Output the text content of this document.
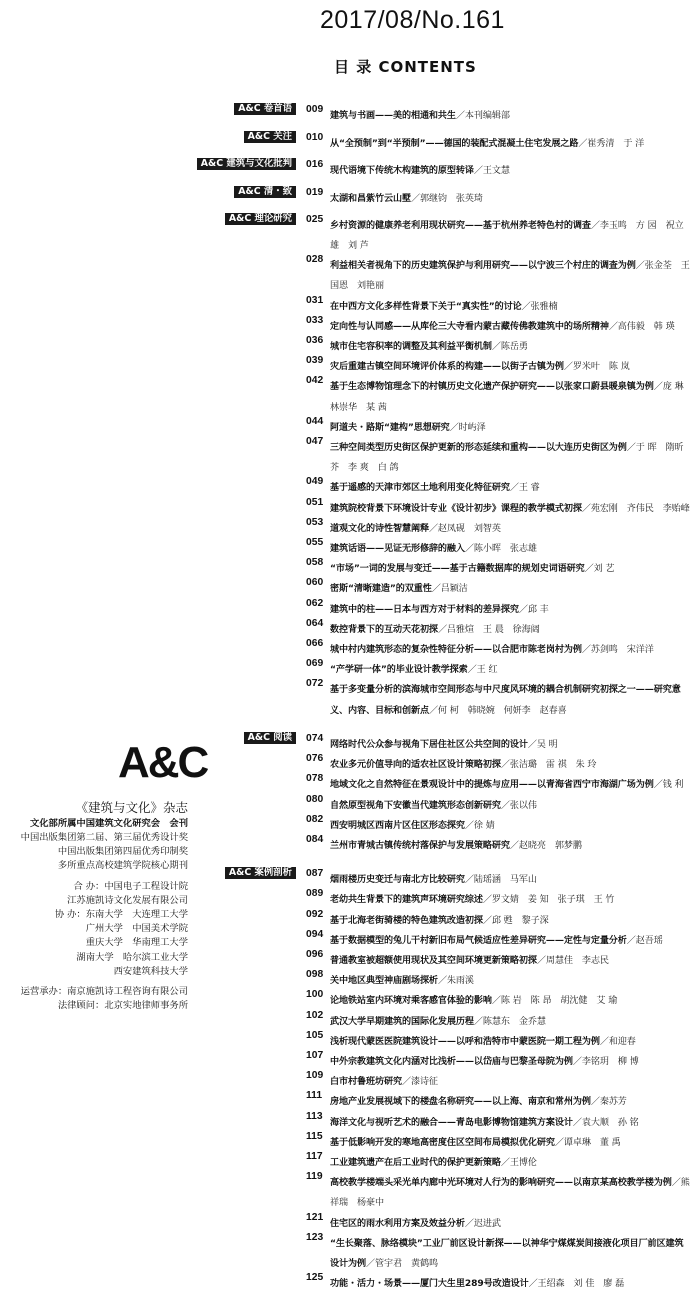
2017/08/No.161
目 录 CONTENTS
A&C 卷首语	009
建筑与书画——美的相通和共生／本刊编辑部
A&C 关注	010
从“全预制”到“半预制”——德国的装配式混凝土住宅发展之路／崔秀清　于 洋
A&C 建筑与文化批判	016
现代语境下传统木构建筑的原型转译／王文慧
A&C 清・致	019
太湖和昌紫竹云山墅／郭继钧　张英琦
A&C 理论研究	025
乡村资源的健康养老利用现状研究——基于杭州养老特色村的调查／李玉鸣　方 园　祝立雄　刘 芦
028
利益相关者视角下的历史建筑保护与利用研究——以宁波三个村庄的调查为例／张金荃　王国恩　刘艳丽
031
在中西方文化多样性背景下关于“真实性”的讨论／张雅楠
033
定向性与认同感——从库伦三大寺看内蒙古藏传佛教建筑中的场所精神／高伟毅　韩 瑛
036
城市住宅容积率的调整及其利益平衡机制／陈岳勇
039
灾后重建古镇空间环境评价体系的构建——以街子古镇为例／罗米叶　陈 岚
042
基于生态博物馆理念下的村镇历史文化遗产保护研究——以张家口蔚县暖泉镇为例／庞 琳　林崇华　某 茜
044
阿道夫・路斯“建构”思想研究／时屿泽
047
三种空间类型历史街区保护更新的形态延续和重构——以大连历史街区为例／于 晖　隋昕芥　李 爽　白 鸽
049
基于遥感的天津市郊区土地利用变化特征研究／王 睿
051
建筑院校背景下环境设计专业《设计初步》课程的教学模式初探／苑宏刚　齐伟民　李贻峰
053
道观文化的诗性智慧阐释／赵凤砚　刘智英
055
建筑话语——见证无形修辞的融入／陈小晖　张志雄
058
“市场”一词的发展与变迁——基于古籍数据库的规划史词语研究／刘 艺
060
密斯“清晰建造”的双重性／吕颖洁
062
建筑中的柱——日本与西方对于材料的差异探究／邱 丰
064
数控背景下的互动天花初探／吕雅煊　王 晨　徐海阔
066
城中村内建筑形态的复杂性特征分析——以合肥市陈老岗村为例／苏剑鸣　宋洋洋
069
“产学研一体”的毕业设计教学探索／王 红
072
基于多变量分析的滨海城市空间形态与中尺度风环境的耦合机制研究初探之一——研究意义、内容、目标和创新点／何 柯　韩晓婉　何妍李　赵春喜
A&C 阅读	074
网络时代公众参与视角下居住社区公共空间的设计／吴 明
076
农业多元价值导向的适农社区设计策略初探／张洁璐　雷 祺　朱 玲
078
地域文化之自然特征在景观设计中的提炼与应用——以青海省西宁市海湖广场为例／钱 利
080
自然原型视角下安徽当代建筑形态创新研究／张以伟
082
西安明城区西南片区住区形态探究／徐 婧
084
兰州市青城古镇传统村落保护与发展策略研究／赵晓亮　郭梦鹏
A&C 案例剖析	087
烟雨楼历史变迁与南北方比较研究／陆瑶涵　马军山
089
老幼共生背景下的建筑声环境研究综述／罗文婧　姜 知　张子琪　王 竹
092
基于北海老街骑楼的特色建筑改造初探／邱 甦　黎子深
094
基于数据模型的兔儿干村新旧布局气候适应性差异研究——定性与定量分析／赵吾瑶
096
普通教室被超额使用现状及其空间环境更新策略初探／周慧佳　李志民
098
关中地区典型神庙剧场探析／朱雨溪
100
论地铁站室内环境对乘客感官体验的影响／陈 岩　陈 昂　胡沈健　艾 瑜
102
武汉大学早期建筑的国际化发展历程／陈慧东　金乔慧
105
浅析现代蒙医医院建筑设计——以呼和浩特市中蒙医院一期工程为例／和迎春
107
中外宗教建筑文化内涵对比浅析——以岱庙与巴黎圣母院为例／李铭玥　柳 博
109
白市村鲁班坊研究／漆诗征
111
房地产业发展视域下的楼盘名称研究——以上海、南京和常州为例／秦苏芳
113
海洋文化与视听艺术的融合——青岛电影博物馆建筑方案设计／袁大顺　孙 铭
115
基于低影响开发的寒地高密度住区空间布局模拟优化研究／谭卓琳　董 禹
117
工业建筑遗产在后工业时代的保护更新策略／王博伦
119
高校教学楼端头采光单内廊中光环境对人行为的影响研究——以南京某高校教学楼为例／熊祥瑞　杨豪中
121
住宅区的雨水利用方案及效益分析／迟进武
123
“生长聚落、脉络模块”工业厂前区设计新探——以神华宁煤煤炭间接液化项目厂前区建筑设计为例／管宇君　黄鹤鸣
125
功能・活力・场景——厦门大生里289号改造设计／王绍森　刘 佳　廖 磊
A&C
《建筑与文化》杂志
文化部所属中国建筑文化研究会　会刊
中国出版集团第二届、第三届优秀设计奖
中国出版集团第四届优秀印制奖
多所重点高校建筑学院核心期刊
合 办：中国电子工程设计院
江苏施凯诗文化发展有限公司
协 办：东南大学　大连理工大学
广州大学　中国美术学院
重庆大学　华南理工大学
湖南大学　哈尔滨工业大学
西安建筑科技大学
运营承办：南京施凯诗工程咨询有限公司
法律顾问：北京实地律师事务所
